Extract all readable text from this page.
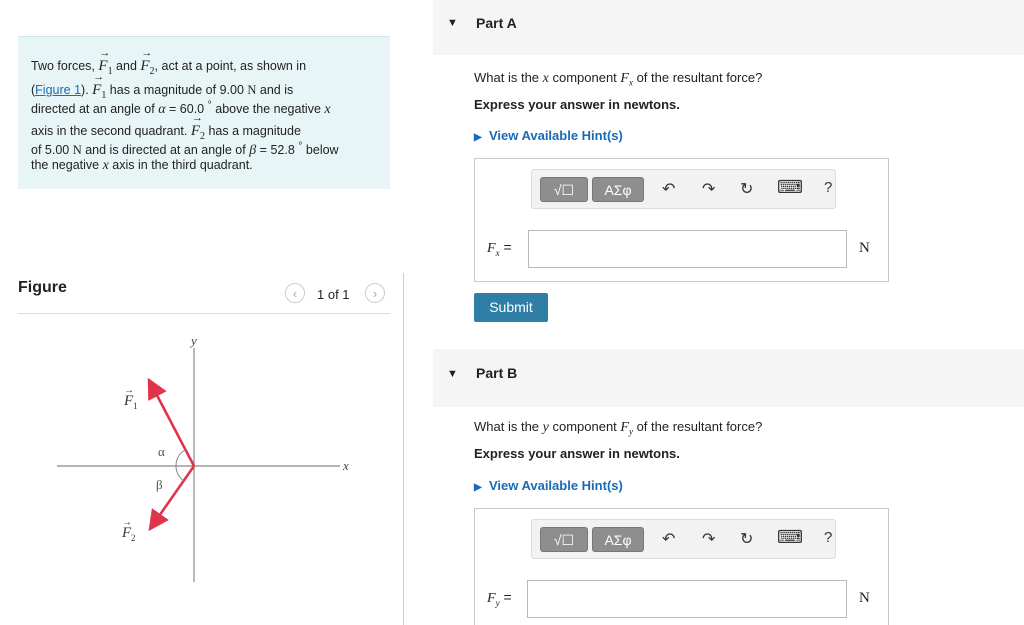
Two forces, → $F_1$ and → $F_2$, act at a point, as shown in
(Figure 1). → $F_1$ has a magnitude of 9.00 N and is
directed at an angle of α = 60.0 ° above the negative x
axis in the second quadrant. → $F_2$ has a magnitude
of 5.00 N and is directed at an angle of β = 52.8 ° below
the negative x axis in the third quadrant.
Figure	‹	1 of 1	›
x
y
α
β
F 1
→
F 2
→
▼ Part A
What is the x component $F_x$ of the resultant force?
Express your answer in newtons.
▶ View Available Hint(s)
√☐	ΑΣφ	↶ ↷ ↻ ⌨ ?
$F_x$ =	N
Submit
▼ Part B
What is the y component $F_y$ of the resultant force?
Express your answer in newtons.
▶ View Available Hint(s)
√☐	ΑΣφ	↶ ↷ ↻ ⌨ ?
$F_y$ =	N
